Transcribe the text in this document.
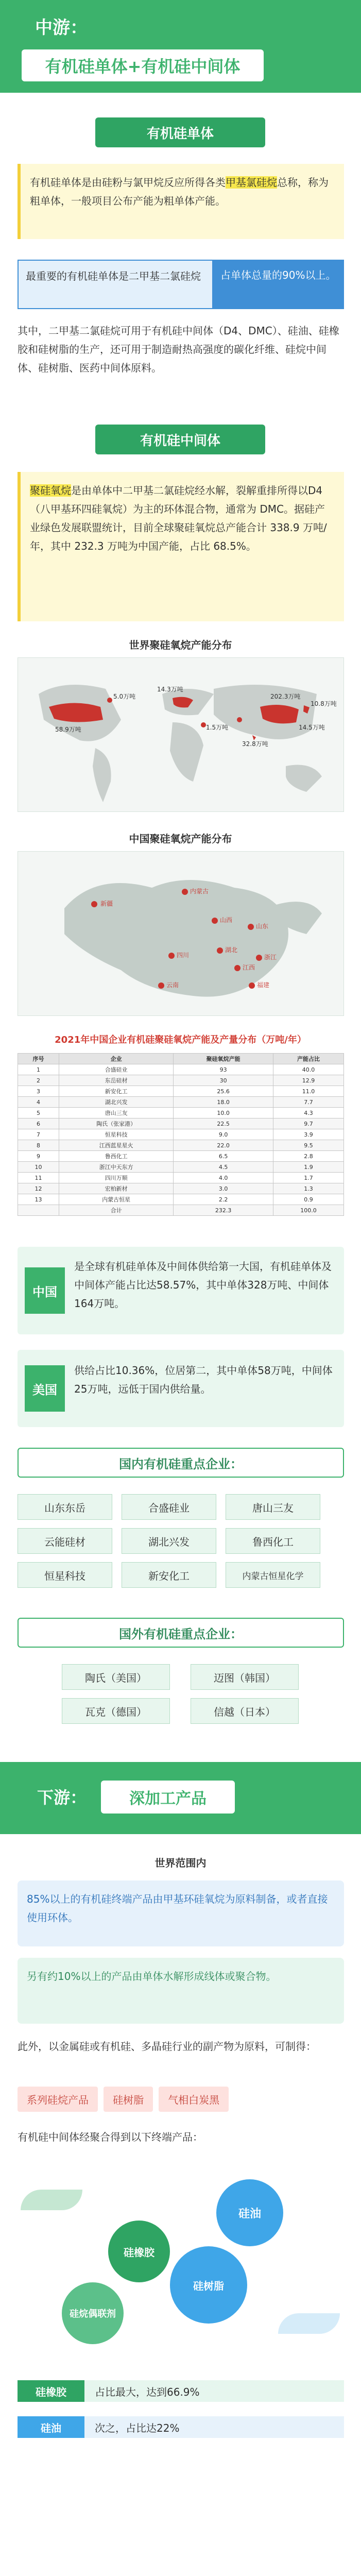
中游：
有机硅单体+有机硅中间体
有机硅单体
有机硅单体是由硅粉与氯甲烷反应所得各类甲基氯硅烷总称，称为粗单体，一般项目公布产能为粗单体产能。
最重要的有机硅单体是二甲基二氯硅烷	占单体总量的90%以上。
其中，二甲基二氯硅烷可用于有机硅中间体（D4、DMC）、硅油、硅橡胶和硅树脂的生产，还可用于制造耐热高强度的碳化纤维、硅烷中间体、硅树脂、医药中间体原料。
有机硅中间体
聚硅氧烷是由单体中二甲基二氯硅烷经水解，裂解重排所得以D4（八甲基环四硅氧烷）为主的环体混合物，通常为 DMC。据硅产业绿色发展联盟统计，目前全球聚硅氧烷总产能合计 338.9 万吨/年，其中 232.3 万吨为中国产能，占比 68.5%。
世界聚硅氧烷产能分布
58.9万吨
5.0万吨
14.3万吨
1.5万吨
202.3万吨
10.8万吨
14.5万吨
32.8万吨
中国聚硅氧烷产能分布
新疆
内蒙古
山西
山东
四川
湖北
江西
浙江
云南	福建
2021年中国企业有机硅聚硅氧烷产能及产量分布（万吨/年）
序号	企业	聚硅氧烷产能	产能占比
1	合盛硅业	93	40.0
2	东岳硅材	30	12.9
3	新安化工	25.6	11.0
4	湖北兴发	18.0	7.7
5	唐山三友	10.0	4.3
6	陶氏（张家港）	22.5	9.7
7	恒星科技	9.0	3.9
8	江西蓝星星火	22.0	9.5
9	鲁西化工	6.5	2.8
10	浙江中天东方	4.5	1.9
11	四川万顺	4.0	1.7
12	宏柏新材	3.0	1.3
13	内蒙古恒星	2.2	0.9
	合计	232.3	100.0
中国
是全球有机硅单体及中间体供给第一大国，有机硅单体及中间体产能占比达58.57%，其中单体328万吨、中间体164万吨。
美国
供给占比10.36%，位居第二，其中单体58万吨，中间体25万吨，远低于国内供给量。
国内有机硅重点企业：
山东东岳	合盛硅业	唐山三友
云能硅材	湖北兴发	鲁西化工
恒星科技	新安化工	内蒙古恒星化学
国外有机硅重点企业：
陶氏（美国）	迈图（韩国）
瓦克（德国）	信越（日本）
下游：	深加工产品
世界范围内
85%以上的有机硅终端产品由甲基环硅氧烷为原料制备，或者直接使用环体。
另有约10%以上的产品由单体水解形成线体或聚合物。
此外，以金属硅或有机硅、多晶硅行业的副产物为原料，可制得：
系列硅烷产品 硅树脂 气相白炭黑
有机硅中间体经聚合得到以下终端产品：
硅油
硅橡胶
硅树脂
硅烷偶联剂
硅橡胶	占比最大，达到66.9%
硅油	次之，占比达22%
